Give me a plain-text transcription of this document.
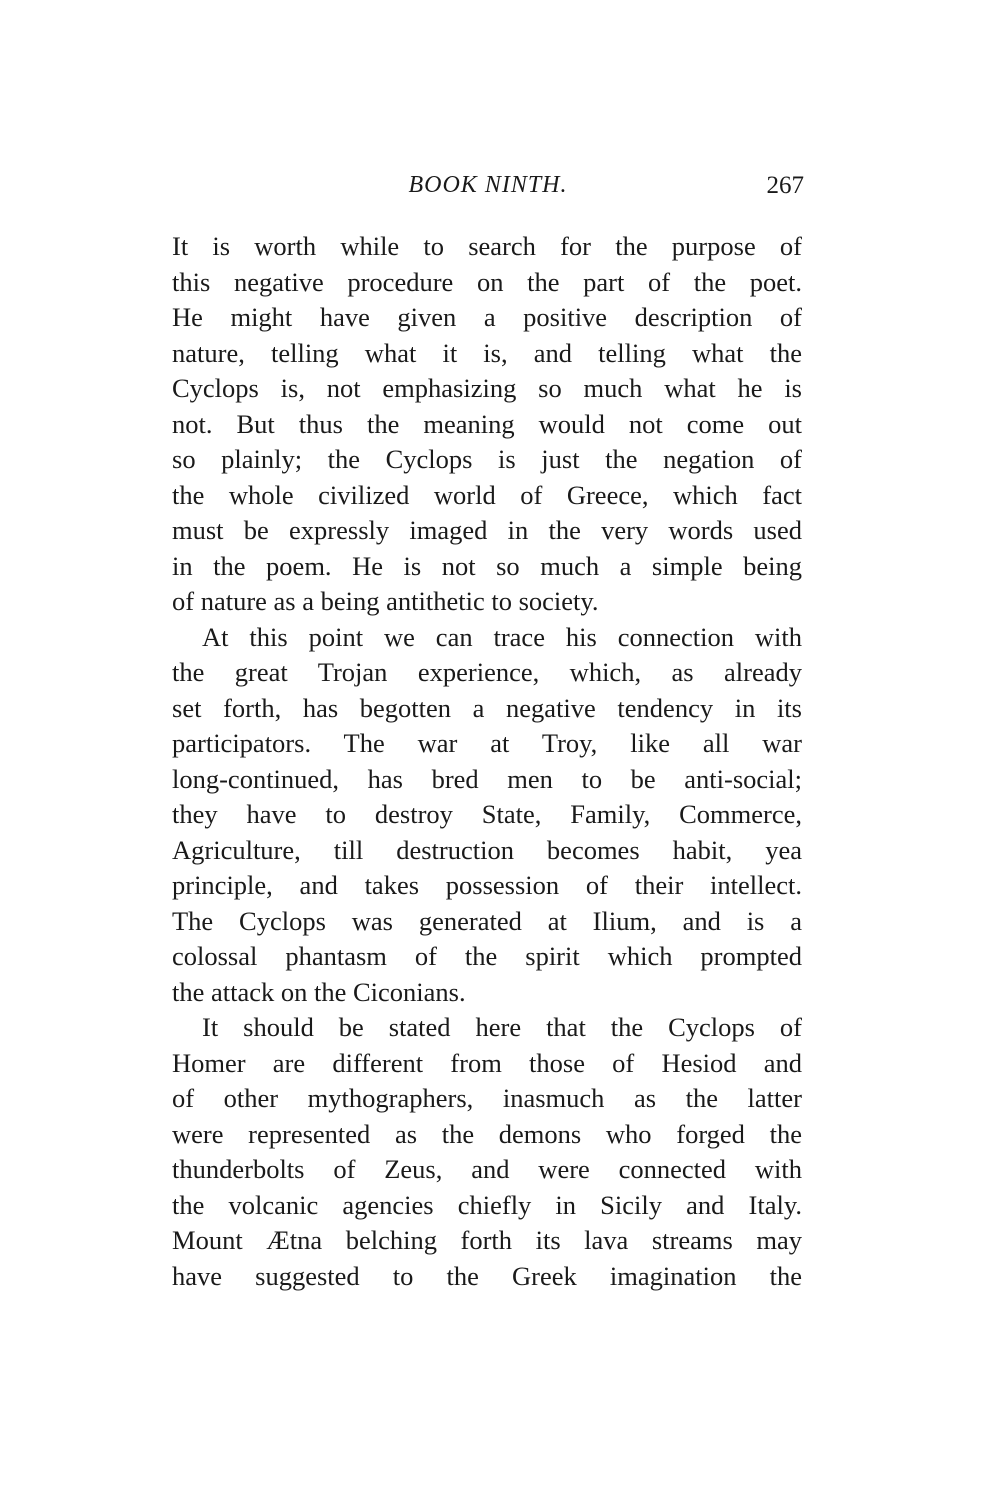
BOOK NINTH.	267
It is worth while to search for the purpose of
this negative procedure on the part of the poet.
He might have given a positive description of
nature, telling what it is, and telling what the
Cyclops is, not emphasizing so much what he is
not. But thus the meaning would not come out
so plainly; the Cyclops is just the negation of
the whole civilized world of Greece, which fact
must be expressly imaged in the very words used
in the poem. He is not so much a simple being
of nature as a being antithetic to society.
At this point we can trace his connection with
the great Trojan experience, which, as already
set forth, has begotten a negative tendency in its
participators. The war at Troy, like all war
long-continued, has bred men to be anti-social;
they have to destroy State, Family, Commerce,
Agriculture, till destruction becomes habit, yea
principle, and takes possession of their intellect.
The Cyclops was generated at Ilium, and is a
colossal phantasm of the spirit which prompted
the attack on the Ciconians.
It should be stated here that the Cyclops of
Homer are different from those of Hesiod and
of other mythographers, inasmuch as the latter
were represented as the demons who forged the
thunderbolts of Zeus, and were connected with
the volcanic agencies chiefly in Sicily and Italy.
Mount Ætna belching forth its lava streams may
have suggested to the Greek imagination the
